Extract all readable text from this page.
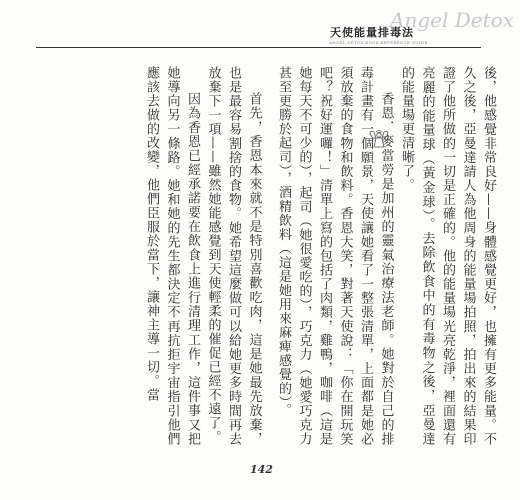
Angel Detox
天使能量排毒法
ANGEL DETOX BOOK REFERENCE GUIDE

後，他感覺非常良好——身體感覺更好，也擁有更多能量。不久之後，亞曼達請人為他周身的能量場拍照，拍出來的結果印證了他所做的一切是正確的。他的能量場光亮乾淨，裡面還有亮麗的能量球（黃金球）。去除飲食中的有毒物之後，亞曼達的能量場更清晰了。

香恩．麥當勞是加州的靈氣治療法老師。她對於自己的排毒計畫有一個願景，天使讓她看了一整張清單，上面都是她必須放棄的食物和飲料。香恩大笑，對著天使說：「你在開玩笑吧？祝好運囉！」清單上寫的包括了肉類，雞鴨，咖啡（這是她每天不可少的），起司（她很愛吃的），巧克力（她愛巧克力甚至更勝於起司），酒精飲料（這是她用來麻痺感覺的）。

首先，香恩本來就不是特別喜歡吃肉，這是她最先放棄，也是最容易割捨的食物。她希望這麼做可以給她更多時間再去放棄下一項——雖然她能感覺到天使輕柔的催促已經不遠了。

因為香恩已經承諾要在飲食上進行清理工作，這件事又把她導向另一條路。她和她的先生都決定不再抗拒宇宙指引他們應該去做的改變，他們臣服於當下，讓神主導一切。當

142
